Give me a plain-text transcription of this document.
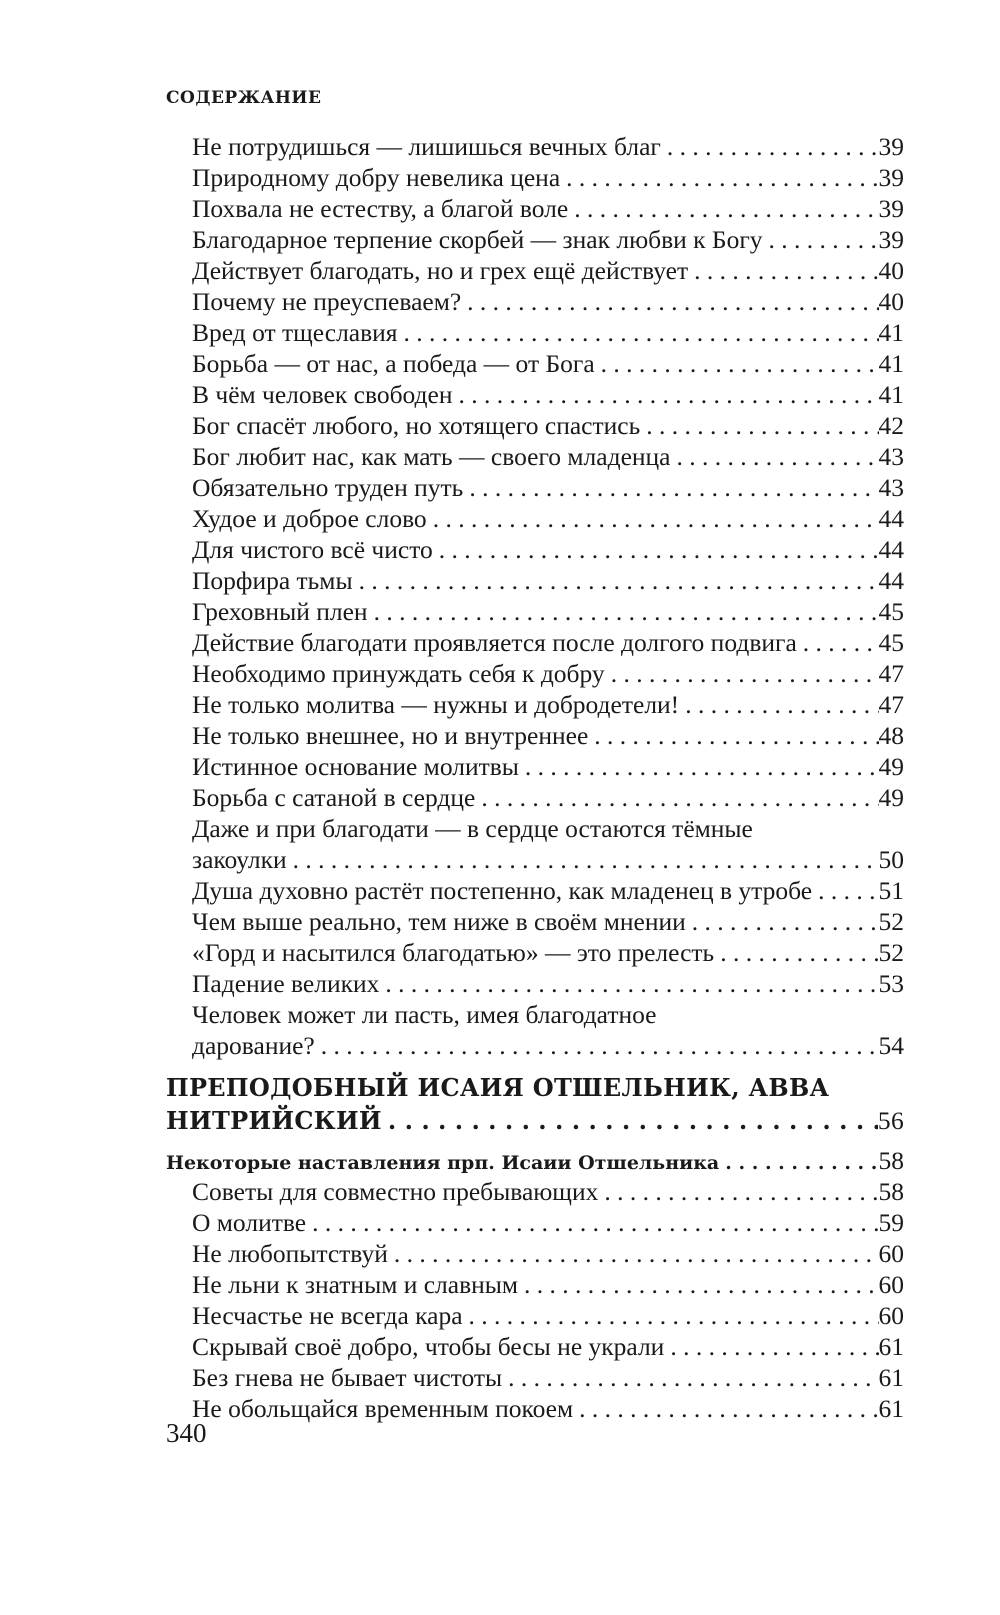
СОДЕРЖАНИЕ
Не потрудишься — лишишься вечных благ . . .	39
Природному добру невелика цена . . .	39
Похвала не естеству, а благой воле . . .	39
Благодарное терпение скорбей — знак любви к Богу . . .	39
Действует благодать, но и грех ещё действует . . .	40
Почему не преуспеваем? . . .	40
Вред от тщеславия . . .	41
Борьба — от нас, а победа — от Бога . . .	41
В чём человек свободен . . .	41
Бог спасёт любого, но хотящего спастись . . .	42
Бог любит нас, как мать — своего младенца . . .	43
Обязательно труден путь . . .	43
Худое и доброе слово . . .	44
Для чистого всё чисто . . .	44
Порфира тьмы . . .	44
Греховный плен . . .	45
Действие благодати проявляется после долгого подвига . . .	45
Необходимо принуждать себя к добру . . .	47
Не только молитва — нужны и добродетели! . . .	47
Не только внешнее, но и внутреннее . . .	48
Истинное основание молитвы . . .	49
Борьба с сатаной в сердце . . .	49
Даже и при благодати — в сердце остаются тёмные
закоулки . . .	50
Душа духовно растёт постепенно, как младенец в утробе . . .	51
Чем выше реально, тем ниже в своём мнении . . .	52
«Горд и насытился благодатью» — это прелесть . . .	52
Падение великих . . .	53
Человек может ли пасть, имея благодатное
дарование? . . .	54
ПРЕПОДОБНЫЙ ИСАИЯ ОТШЕЛЬНИК, АВВА
НИТРИЙСКИЙ . . .	56
Некоторые наставления прп. Исаии Отшельника . . .	58
Советы для совместно пребывающих . . .	58
О молитве . . .	59
Не любопытствуй . . .	60
Не льни к знатным и славным . . .	60
Несчастье не всегда кара . . .	60
Скрывай своё добро, чтобы бесы не украли . . .	61
Без гнева не бывает чистоты . . .	61
Не обольщайся временным покоем . . .	61
340
